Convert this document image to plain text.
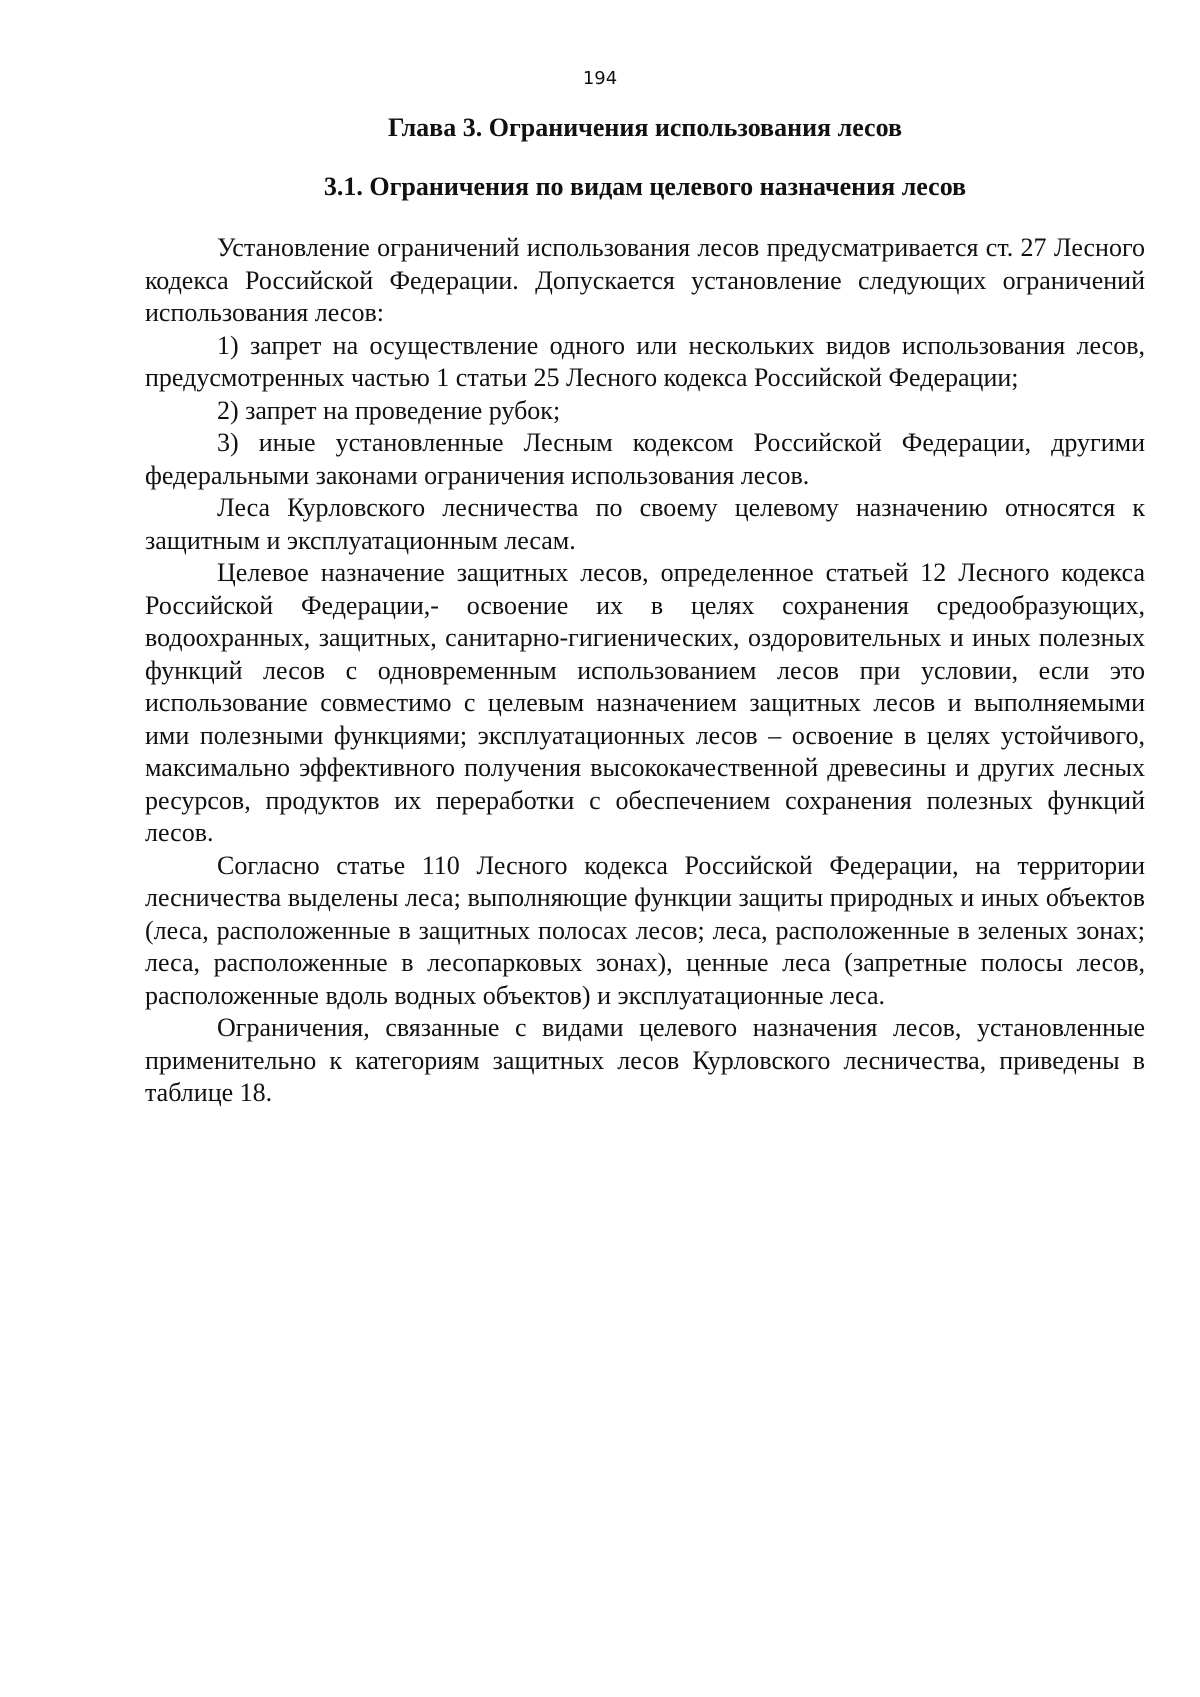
194
Глава 3. Ограничения использования лесов
3.1. Ограничения по видам целевого назначения лесов

Установление ограничений использования лесов предусматривается ст. 27 Лесного кодекса Российской Федерации. Допускается установление следующих ограничений использования лесов:

1) запрет на осуществление одного или нескольких видов использования лесов, предусмотренных частью 1 статьи 25 Лесного кодекса Российской Федерации;

2) запрет на проведение рубок;

3) иные установленные Лесным кодексом Российской Федерации, другими федеральными законами ограничения использования лесов.

Леса Курловского лесничества по своему целевому назначению относятся к защитным и эксплуатационным лесам.

Целевое назначение защитных лесов, определенное статьей 12 Лесного кодекса Российской Федерации,- освоение их в целях сохранения средообразующих, водоохранных, защитных, санитарно-гигиенических, оздоровительных и иных полезных функций лесов с одновременным использованием лесов при условии, если это использование совместимо с целевым назначением защитных лесов и выполняемыми ими полезными функциями; эксплуатационных лесов – освоение в целях устойчивого, максимально эффективного получения высококачественной древесины и других лесных ресурсов, продуктов их переработки с обеспечением сохранения полезных функций лесов.

Согласно статье 110 Лесного кодекса Российской Федерации, на территории лесничества выделены леса; выполняющие функции защиты природных и иных объектов (леса, расположенные в защитных полосах лесов; леса, расположенные в зеленых зонах; леса, расположенные в лесопарковых зонах), ценные леса (запретные полосы лесов, расположенные вдоль водных объектов) и эксплуатационные леса.

Ограничения, связанные с видами целевого назначения лесов, установленные применительно к категориям защитных лесов Курловского лесничества, приведены в таблице 18.
